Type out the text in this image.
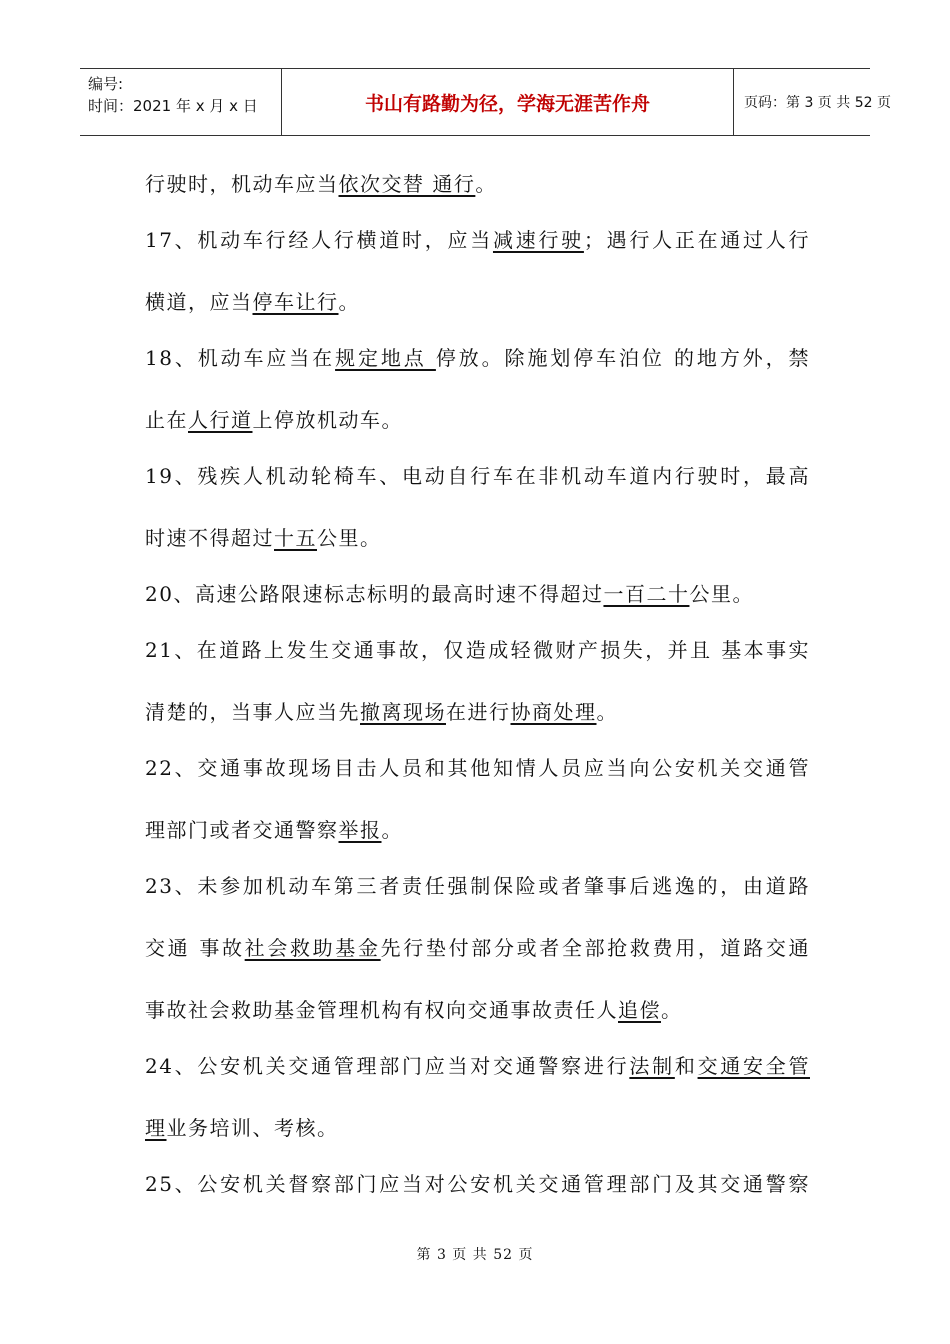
编号:
时间：2021 年 x 月 x 日	书山有路勤为径，学海无涯苦作舟	页码：第 3 页 共 52 页
行驶时，机动车应当依次交替 通行。
17、机动车行经人行横道时，应当减速行驶；遇行人正在通过人行
横道，应当停车让行。
18、机动车应当在规定地点 停放。除施划停车泊位 的地方外，禁
止在人行道上停放机动车。
19、残疾人机动轮椅车、电动自行车在非机动车道内行驶时，最高
时速不得超过十五公里。
20、高速公路限速标志标明的最高时速不得超过一百二十公里。
21、在道路上发生交通事故，仅造成轻微财产损失，并且 基本事实
清楚的，当事人应当先撤离现场在进行协商处理。
22、交通事故现场目击人员和其他知情人员应当向公安机关交通管
理部门或者交通警察举报。
23、未参加机动车第三者责任强制保险或者肇事后逃逸的，由道路
交通 事故社会救助基金先行垫付部分或者全部抢救费用，道路交通
事故社会救助基金管理机构有权向交通事故责任人追偿。
24、公安机关交通管理部门应当对交通警察进行法制和交通安全管
理业务培训、考核。
25、公安机关督察部门应当对公安机关交通管理部门及其交通警察
第 3 页 共 52 页
